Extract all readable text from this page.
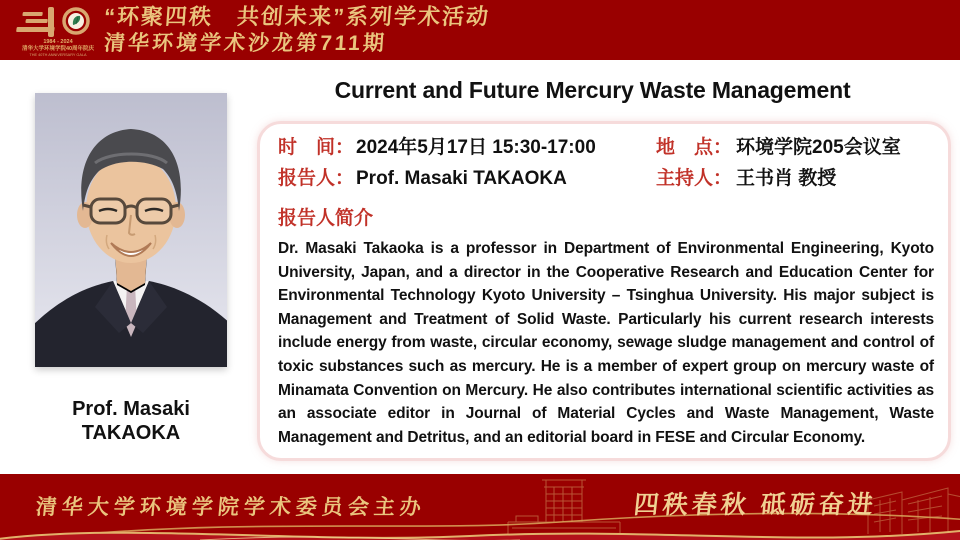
1984 - 2024
清华大学环境学院40周年院庆
THE 40TH ANNIVERSARY GALA
“环聚四秩　共创未来”系列学术活动
清华环境学术沙龙第711期
Prof. Masaki
TAKAOKA
Current and Future Mercury Waste Management
时　间： 2024年5月17日 15:30-17:00	地　点： 环境学院205会议室
报告人： Prof. Masaki TAKAOKA	主持人： 王书肖 教授
报告人简介

Dr. Masaki Takaoka is a professor in Department of Environmental Engineering, Kyoto University, Japan, and a director in the Cooperative Research and Education Center for Environmental Technology Kyoto University – Tsinghua University. His major subject is Management and Treatment of Solid Waste. Particularly his current research interests include energy from waste, circular economy, sewage sludge management and control of toxic substances such as mercury. He is a member of expert group on mercury waste of Minamata Convention on Mercury. He also contributes international scientific activities as an associate editor in Journal of Material Cycles and Waste Management, Waste Management and Detritus, and an editorial board in FESE and Circular Economy.

清华大学环境学院学术委员会主办	四秩春秋 砥砺奋进
